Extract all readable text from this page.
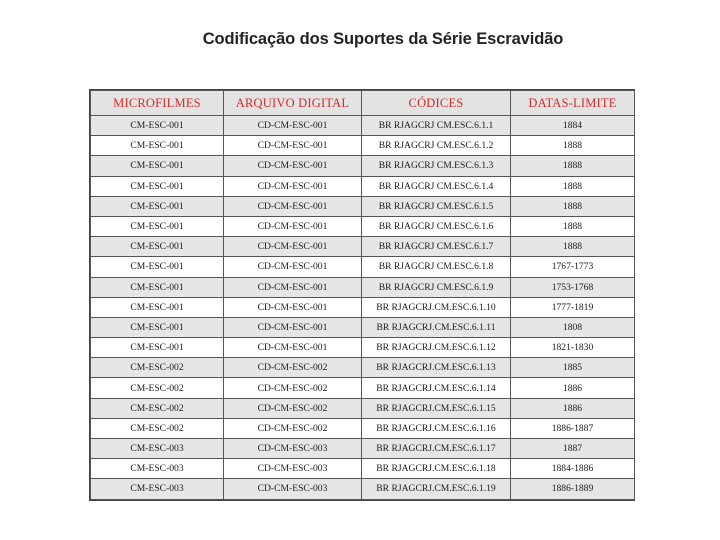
Codificação dos Suportes da Série Escravidão
MICROFILMES	ARQUIVO DIGITAL	CÓDICES	DATAS-LIMITE
CM-ESC-001	CD-CM-ESC-001	BR RJAGCRJ CM.ESC.6.1.1	1884
CM-ESC-001	CD-CM-ESC-001	BR RJAGCRJ CM.ESC.6.1.2	1888
CM-ESC-001	CD-CM-ESC-001	BR RJAGCRJ CM.ESC.6.1.3	1888
CM-ESC-001	CD-CM-ESC-001	BR RJAGCRJ CM.ESC.6.1.4	1888
CM-ESC-001	CD-CM-ESC-001	BR RJAGCRJ CM.ESC.6.1.5	1888
CM-ESC-001	CD-CM-ESC-001	BR RJAGCRJ CM.ESC.6.1.6	1888
CM-ESC-001	CD-CM-ESC-001	BR RJAGCRJ CM.ESC.6.1.7	1888
CM-ESC-001	CD-CM-ESC-001	BR RJAGCRJ CM.ESC.6.1.8	1767-1773
CM-ESC-001	CD-CM-ESC-001	BR RJAGCRJ CM.ESC.6.1.9	1753-1768
CM-ESC-001	CD-CM-ESC-001	BR RJAGCRJ.CM.ESC.6.1.10	1777-1819
CM-ESC-001	CD-CM-ESC-001	BR RJAGCRJ.CM.ESC.6.1.11	1808
CM-ESC-001	CD-CM-ESC-001	BR RJAGCRJ.CM.ESC.6.1.12	1821-1830
CM-ESC-002	CD-CM-ESC-002	BR RJAGCRJ.CM.ESC.6.1.13	1885
CM-ESC-002	CD-CM-ESC-002	BR RJAGCRJ.CM.ESC.6.1.14	1886
CM-ESC-002	CD-CM-ESC-002	BR RJAGCRJ.CM.ESC.6.1.15	1886
CM-ESC-002	CD-CM-ESC-002	BR RJAGCRJ.CM.ESC.6.1.16	1886-1887
CM-ESC-003	CD-CM-ESC-003	BR RJAGCRJ.CM.ESC.6.1.17	1887
CM-ESC-003	CD-CM-ESC-003	BR RJAGCRJ.CM.ESC.6.1.18	1884-1886
CM-ESC-003	CD-CM-ESC-003	BR RJAGCRJ.CM.ESC.6.1.19	1886-1889
